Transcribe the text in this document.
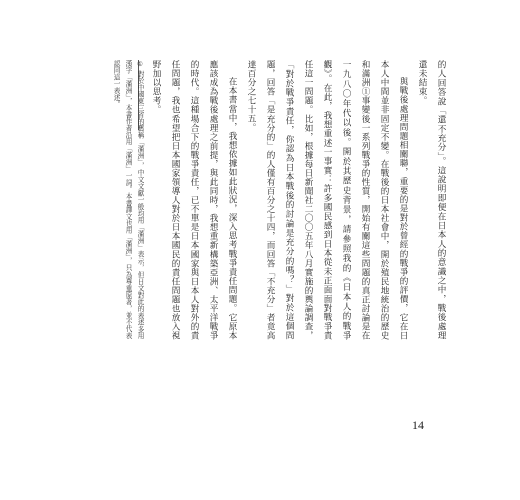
的人回答說「還不充分」。這說明即便在日本人的意識之中，戰後處理還未結束。

與戰後處理問題相關聯，重要的是對於曾經的戰爭的評價，它在日本人中間並非固定不變。在戰後的日本社會中，開於殖民地統治的歷史和滿洲①事變後一系列戰爭的性質，開始有關這些問題的真正討論是在一九八〇年代以後。開於其歷史背景，請參照我的《日本人的戰爭觀》。在此，我想重述一事實：許多國民感到日本從未正面面對戰爭責任這一問題。比如，根據每日新聞社二〇〇五年八月實施的輿論調查，「對於戰爭責任，你認為日本戰後的討論是充分的嗎？」對於這個問題，回答「是充分的」的人僅有百分之十四，而回答「不充分」者竟高達百分之七十五。

在本書當中，我想依據如此狀況，深入思考戰爭責任問題。它原本應該成為戰後處理之前提，與此同時，我想重新構築亞洲、太平洋戰爭的時代。這種場合下的戰爭責任，已不單是日本國家與日本人對外的責任問題，我也希望把日本國家領導人對於日本國民的責任問題也放入視野加以思考。

① 對於中國東三省的舊稱「滿洲」，中文文獻一般均用「滿洲」表示，但日文對此的表述多用漢字「滿洲」，本書作者沿用「滿洲」一詞。本書譯文也用「滿洲」，只為尊重原著，並不代表認同這一表述。
14
